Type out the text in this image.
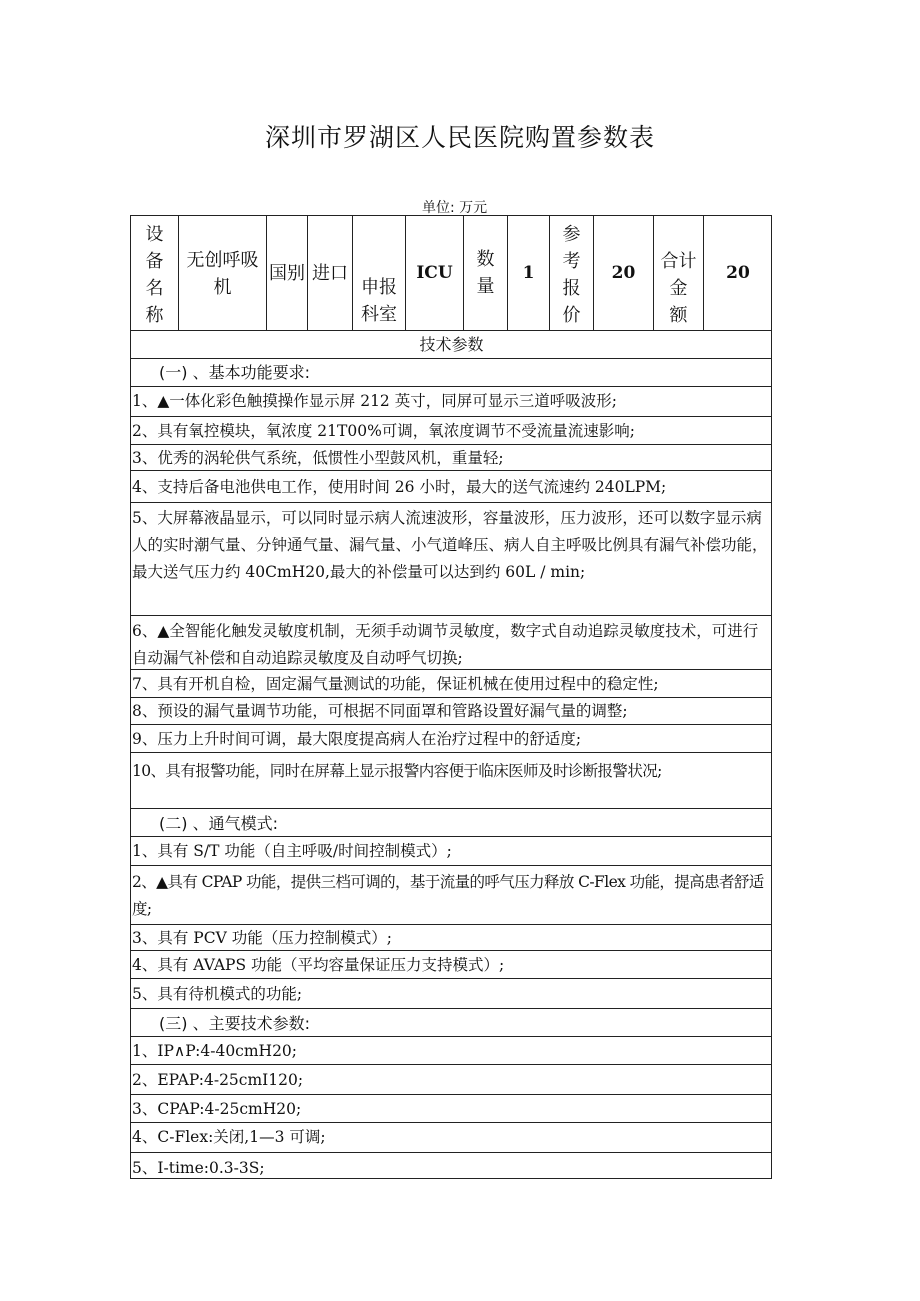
深圳市罗湖区人民医院购置参数表
单位: 万元
设
备
名
称
无创呼吸
机
国别 进口
申报
科室
ICU
数
量
1
参
考
报
价
20
合计
金
额
20
技术参数
(一) 、基本功能要求:
1、▲一体化彩色触摸操作显示屏 212 英寸，同屏可显示三道呼吸波形;
2、具有氧控模块，氧浓度 21T00%可调，氧浓度调节不受流量流速影响;
3、优秀的涡轮供气系统，低惯性小型鼓风机，重量轻;
4、支持后备电池供电工作，使用时间 26 小时，最大的送气流速约 240LPM;
5、大屏幕液晶显示，可以同时显示病人流速波形，容量波形，压力波形，还可以数字显示病人的实时潮气量、分钟通气量、漏气量、小气道峰压、病人自主呼吸比例具有漏气补偿功能，最大送气压力约 40CmH20,最大的补偿量可以达到约 60L / min;
6、▲全智能化触发灵敏度机制，无须手动调节灵敏度，数字式自动追踪灵敏度技术，可进行自动漏气补偿和自动追踪灵敏度及自动呼气切换;
7、具有开机自检，固定漏气量测试的功能，保证机械在使用过程中的稳定性;
8、预设的漏气量调节功能，可根据不同面罩和管路设置好漏气量的调整;
9、压力上升时间可调，最大限度提高病人在治疗过程中的舒适度;
10、具有报警功能，同时在屏幕上显示报警内容便于临床医师及时诊断报警状况;
(二) 、通气模式:
1、具有 S/T 功能（自主呼吸/时间控制模式）;
2、▲具有 CPAP 功能，提供三档可调的，基于流量的呼气压力释放 C-Flex 功能，提高患者舒适度;
3、具有 PCV 功能（压力控制模式）;
4、具有 AVAPS 功能（平均容量保证压力支持模式）;
5、具有待机模式的功能;
(三) 、主要技术参数:
1、IP∧P:4-40cmH20;
2、EPAP:4-25cmI120;
3、CPAP:4-25cmH20;
4、C-Flex:关闭,1—3 可调;
5、I-time:0.3-3S;
